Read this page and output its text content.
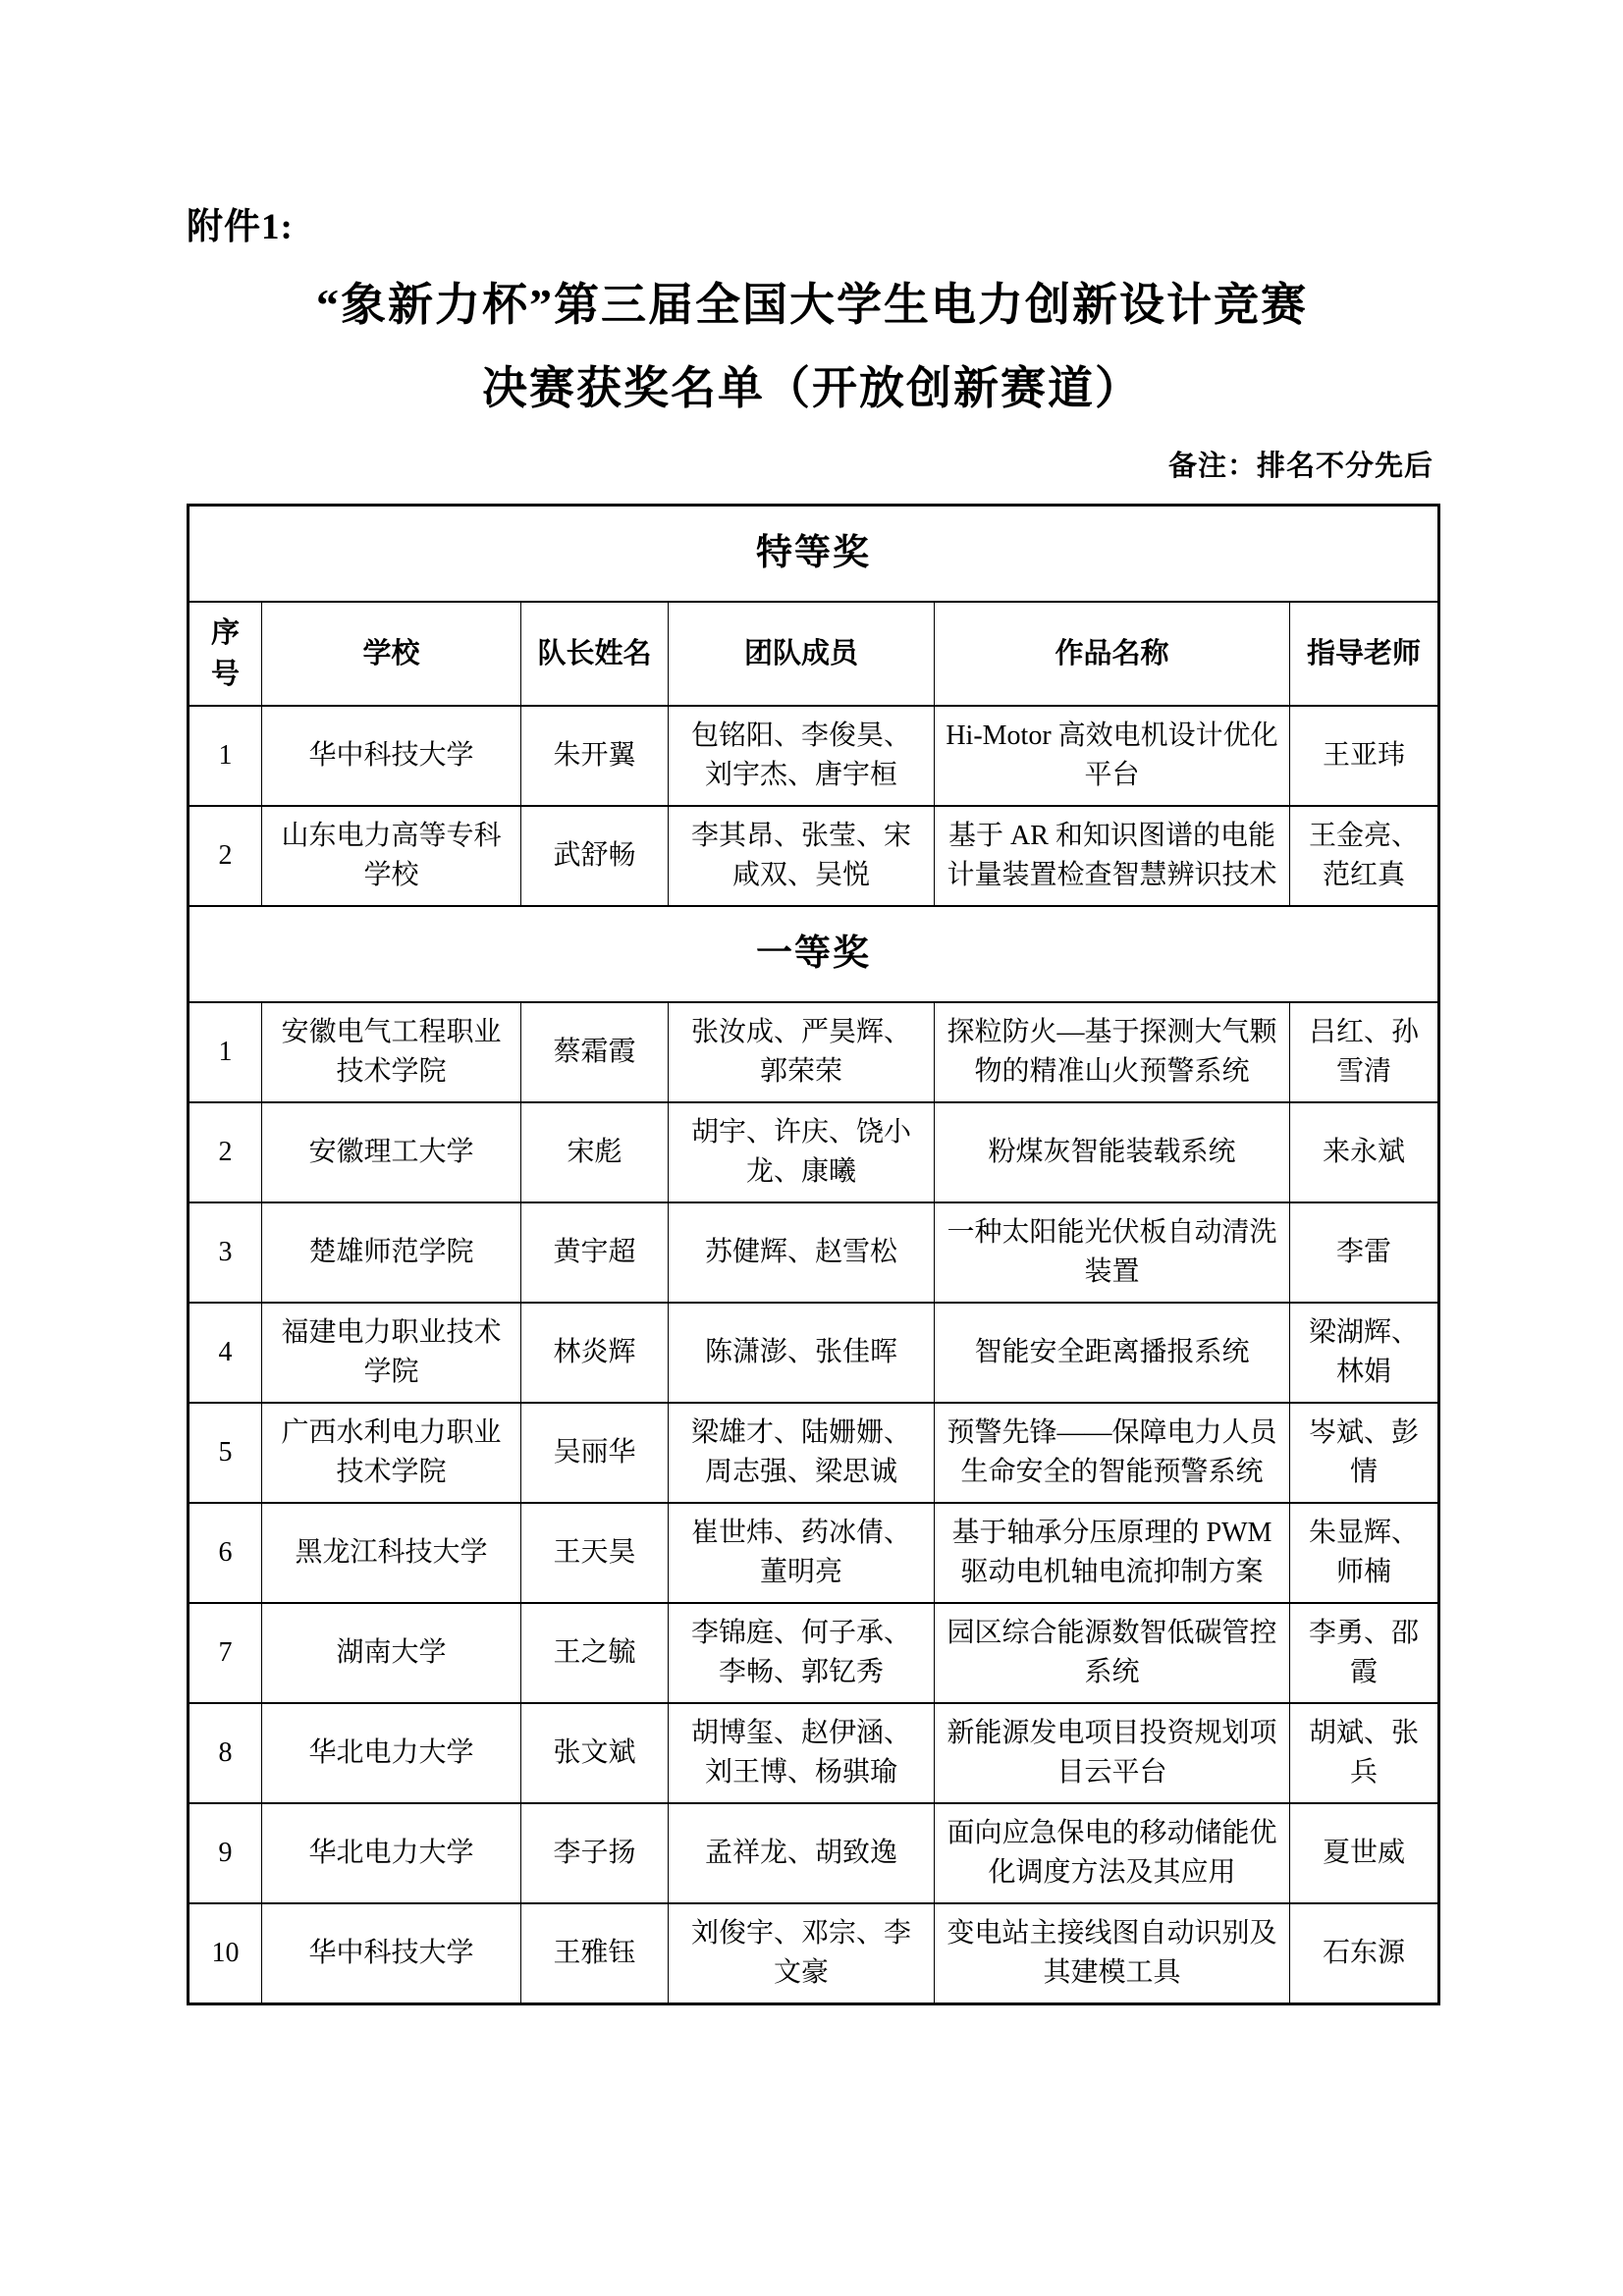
附件1:
“象新力杯”第三届全国大学生电力创新设计竞赛
决赛获奖名单（开放创新赛道）
备注：排名不分先后
特等奖					
序号	学校	队长姓名	团队成员	作品名称	指导老师
1	华中科技大学	朱开翼	包铭阳、李俊昊、刘宇杰、唐宇桓	Hi-Motor 高效电机设计优化平台	王亚玮
2	山东电力高等专科学校	武舒畅	李其昂、张莹、宋咸双、吴悦	基于 AR 和知识图谱的电能计量装置检查智慧辨识技术	王金亮、范红真
一等奖					
1	安徽电气工程职业技术学院	蔡霜霞	张汝成、严昊辉、郭荣荣	探粒防火—基于探测大气颗物的精准山火预警系统	吕红、孙雪清
2	安徽理工大学	宋彪	胡宇、许庆、饶小龙、康曦	粉煤灰智能装载系统	来永斌
3	楚雄师范学院	黄宇超	苏健辉、赵雪松	一种太阳能光伏板自动清洗装置	李雷
4	福建电力职业技术学院	林炎辉	陈潇澎、张佳晖	智能安全距离播报系统	梁湖辉、林娟
5	广西水利电力职业技术学院	吴丽华	梁雄才、陆姗姗、周志强、梁思诚	预警先锋——保障电力人员生命安全的智能预警系统	岑斌、彭情
6	黑龙江科技大学	王天昊	崔世炜、药冰倩、董明亮	基于轴承分压原理的 PWM 驱动电机轴电流抑制方案	朱显辉、师楠
7	湖南大学	王之毓	李锦庭、何子承、李畅、郭钇秀	园区综合能源数智低碳管控系统	李勇、邵霞
8	华北电力大学	张文斌	胡博玺、赵伊涵、刘王博、杨骐瑜	新能源发电项目投资规划项目云平台	胡斌、张兵
9	华北电力大学	李子扬	孟祥龙、胡致逸	面向应急保电的移动储能优化调度方法及其应用	夏世威
10	华中科技大学	王雅钰	刘俊宇、邓宗、李文豪	变电站主接线图自动识别及其建模工具	石东源
